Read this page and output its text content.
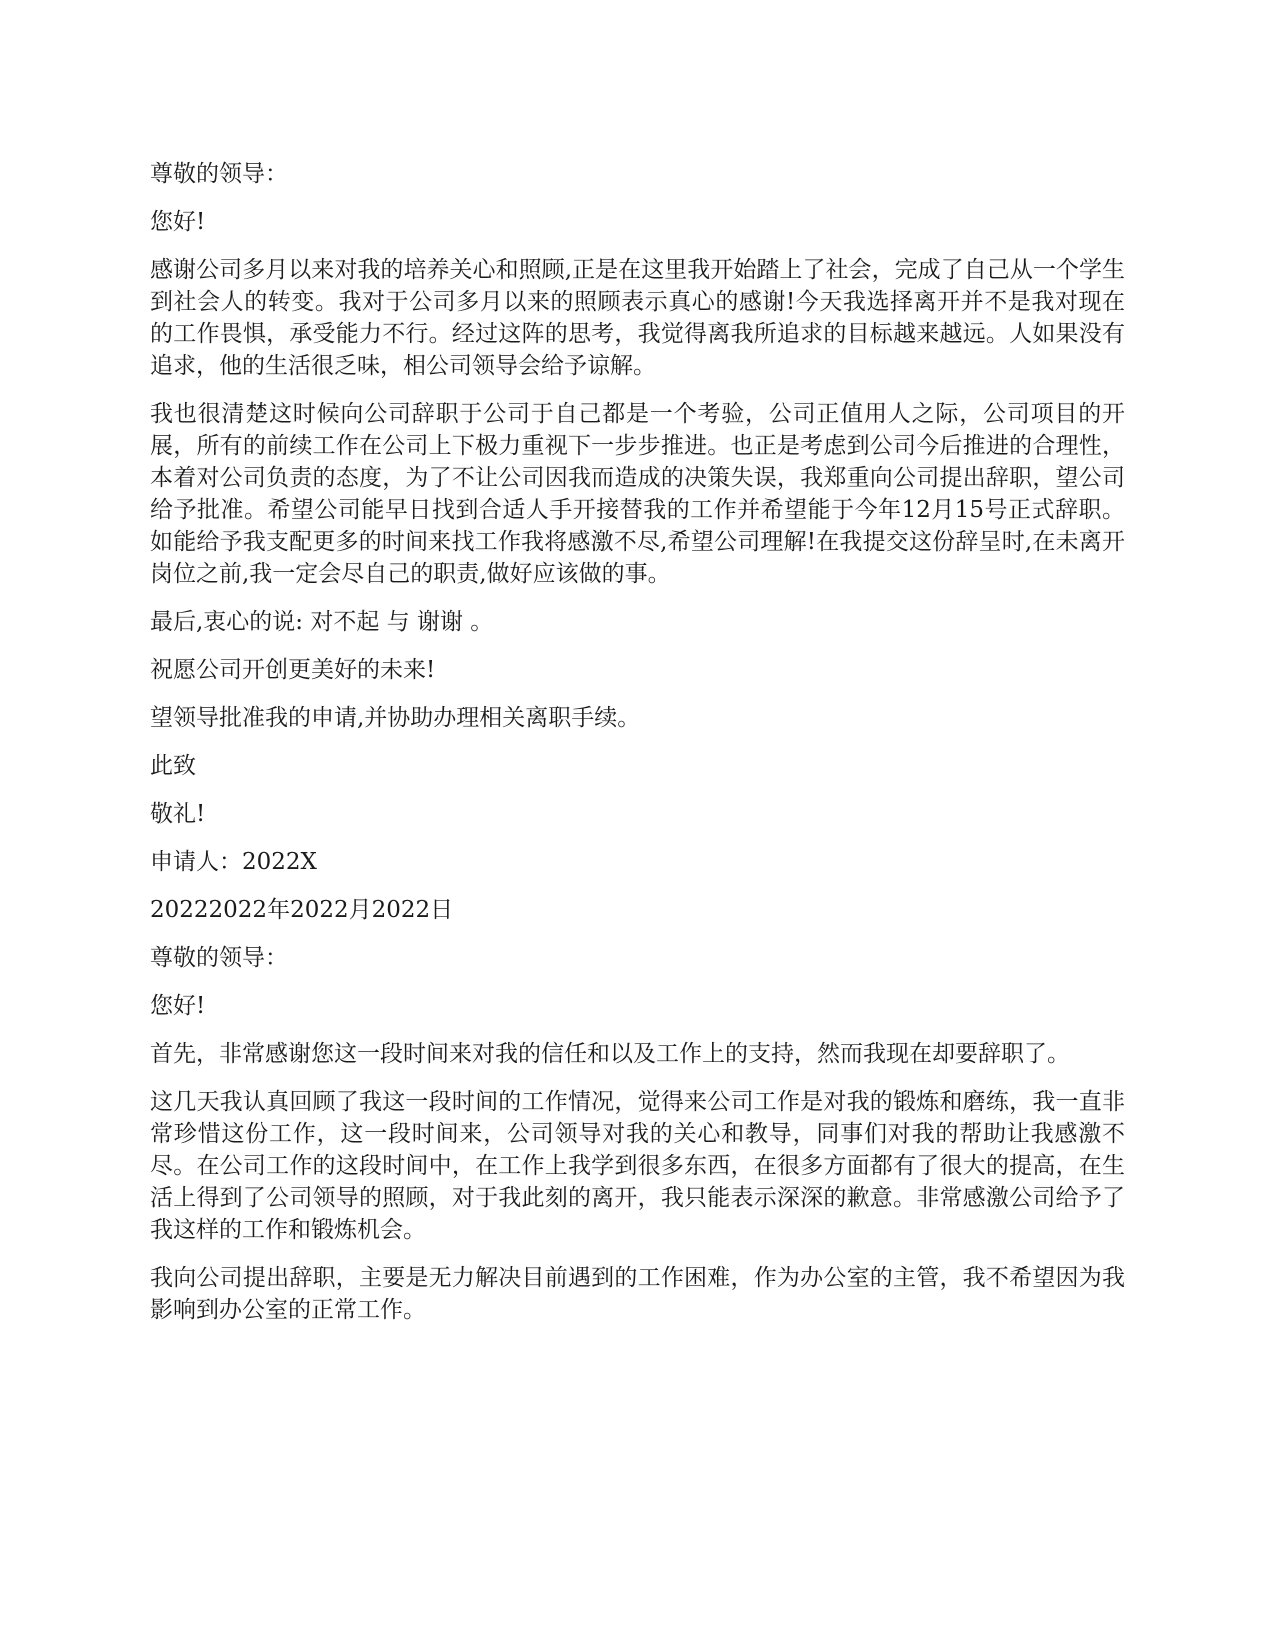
尊敬的领导：

您好!

感谢公司多月以来对我的培养关心和照顾,正是在这里我开始踏上了社会，完成了自己从一个学生到社会人的转变。我对于公司多月以来的照顾表示真心的感谢!今天我选择离开并不是我对现在的工作畏惧，承受能力不行。经过这阵的思考，我觉得离我所追求的目标越来越远。人如果没有追求，他的生活很乏味，相公司领导会给予谅解。

我也很清楚这时候向公司辞职于公司于自己都是一个考验，公司正值用人之际，公司项目的开展，所有的前续工作在公司上下极力重视下一步步推进。也正是考虑到公司今后推进的合理性，本着对公司负责的态度，为了不让公司因我而造成的决策失误，我郑重向公司提出辞职，望公司给予批准。希望公司能早日找到合适人手开接替我的工作并希望能于今年12月15号正式辞职。如能给予我支配更多的时间来找工作我将感激不尽,希望公司理解!在我提交这份辞呈时,在未离开岗位之前,我一定会尽自己的职责,做好应该做的事。

最后,衷心的说: 对不起 与 谢谢 。

祝愿公司开创更美好的未来!

望领导批准我的申请,并协助办理相关离职手续。

此致

敬礼!

申请人：2022X

20222022年2022月2022日

尊敬的领导：

您好!

首先，非常感谢您这一段时间来对我的信任和以及工作上的支持，然而我现在却要辞职了。

这几天我认真回顾了我这一段时间的工作情况，觉得来公司工作是对我的锻炼和磨练，我一直非常珍惜这份工作，这一段时间来，公司领导对我的关心和教导，同事们对我的帮助让我感激不尽。在公司工作的这段时间中，在工作上我学到很多东西，在很多方面都有了很大的提高，在生活上得到了公司领导的照顾，对于我此刻的离开，我只能表示深深的歉意。非常感激公司给予了我这样的工作和锻炼机会。

我向公司提出辞职，主要是无力解决目前遇到的工作困难，作为办公室的主管，我不希望因为我影响到办公室的正常工作。
